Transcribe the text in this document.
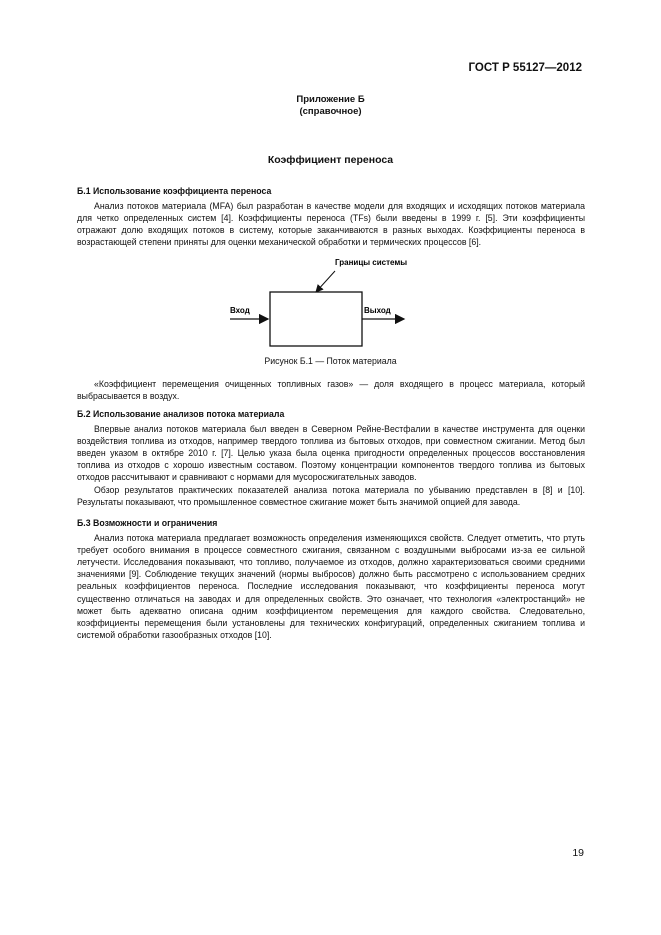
ГОСТ Р 55127—2012
Приложение Б
(справочное)
Коэффициент переноса
Б.1 Использование коэффициента переноса

Анализ потоков материала (MFA) был разработан в качестве модели для входящих и исходящих потоков материала для четко определенных систем [4]. Коэффициенты переноса (TFs) были введены в 1999 г. [5]. Эти коэффициенты отражают долю входящих потоков в систему, которые заканчиваются в разных выходах. Коэффициенты переноса в возрастающей степени приняты для оценки механической обработки и термических процессов [6].

Границы системы
Вход	Выход
Рисунок Б.1 — Поток материала

«Коэффициент перемещения очищенных топливных газов» — доля входящего в процесс материала, который выбрасывается в воздух.

Б.2 Использование анализов потока материала

Впервые анализ потоков материала был введен в Северном Рейне-Вестфалии в качестве инструмента для оценки воздействия топлива из отходов, например твердого топлива из бытовых отходов, при совместном сжигании. Метод был введен указом в октябре 2010 г. [7]. Целью указа была оценка пригодности определенных процессов восстановления топлива из отходов с хорошо известным составом. Поэтому концентрации компонентов твердого топлива из бытовых отходов рассчитывают и сравнивают с нормами для мусоросжигательных заводов.

Обзор результатов практических показателей анализа потока материала по убыванию представлен в [8] и [10]. Результаты показывают, что промышленное совместное сжигание может быть значимой опцией для завода.

Б.3 Возможности и ограничения

Анализ потока материала предлагает возможность определения изменяющихся свойств. Следует отметить, что ртуть требует особого внимания в процессе совместного сжигания, связанном с воздушными выбросами из-за ее сильной летучести. Исследования показывают, что топливо, получаемое из отходов, должно характеризоваться своими средними значениями [9]. Соблюдение текущих значений (нормы выбросов) должно быть рассмотрено с использованием средних реальных коэффициентов переноса. Последние исследования показывают, что коэффициенты переноса могут существенно отличаться на заводах и для определенных свойств. Это означает, что технология «электростанций» не может быть адекватно описана одним коэффициентом перемещения для каждого свойства. Следовательно, коэффициенты перемещения были установлены для технических конфигураций, определенных сжиганием топлива и системой обработки газообразных отходов [10].

19
